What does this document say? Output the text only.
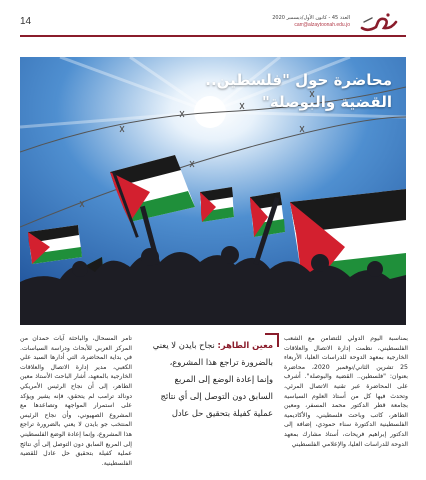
14	العدد 45 - كانون الأول/ديسمبر 2020
carr@alzaytoonah.edu.jo
محاضرة حول "فلسطين..
القضية والبوصلة"

بمناسبة اليوم الدولي للتضامن مع الشعب الفلسطيني، نظمت إدارة الاتصال والعلاقات الخارجية بمعهد الدوحة للدراسات العليا، الأربعاء 25 تشرين الثاني/نوفمبر 2020، محاضرة بعنوان: "فلسطين.. القضية والبوصلة". أشرف على المحاضرة عبر تقنية الاتصال المرئي، وتحدث فيها كل من أستاذ العلوم السياسية بجامعة قطر الدكتور محمد المسفر، ومعين الطاهر، كاتب وباحث فلسطيني، والأكاديمية الفلسطينية الدكتورة سناء حمودي، إضافة إلى الدكتور إبراهيم فريحات، أستاذ مشارك بمعهد الدوحة للدراسات العليا، والإعلامي الفلسطيني

معين الطاهر: نجاح بايدن لا يعني بالضرورة تراجع هذا المشروع، وإنما إعادة الوضع إلى المربع السابق دون التوصل إلى أي نتائج عملية كفيلة بتحقيق حل عادل

تامر المسحال، والباحثة آيات حمدان من المركز العربي للأبحاث ودراسة السياسات. في بداية المحاضرة، التي أدارها السيد علي الكعبي، مدير إدارة الاتصال والعلاقات الخارجية بالمعهد، أشار الباحث الأستاذ معين الطاهر، إلى أن نجاح الرئيس الأمريكي دونالد ترامب لم يتحقق، فإنه يشير ويؤكد على استمرار المواجهة وتصاعدها مع المشروع الصهيوني، وأن نجاح الرئيس المنتخب جو بايدن لا يعني بالضرورة تراجع هذا المشروع، وإنما إعادة الوضع الفلسطيني إلى المربع السابق دون التوصل إلى أي نتائج عملية كفيلة بتحقيق حل عادل للقضية الفلسطينية.
